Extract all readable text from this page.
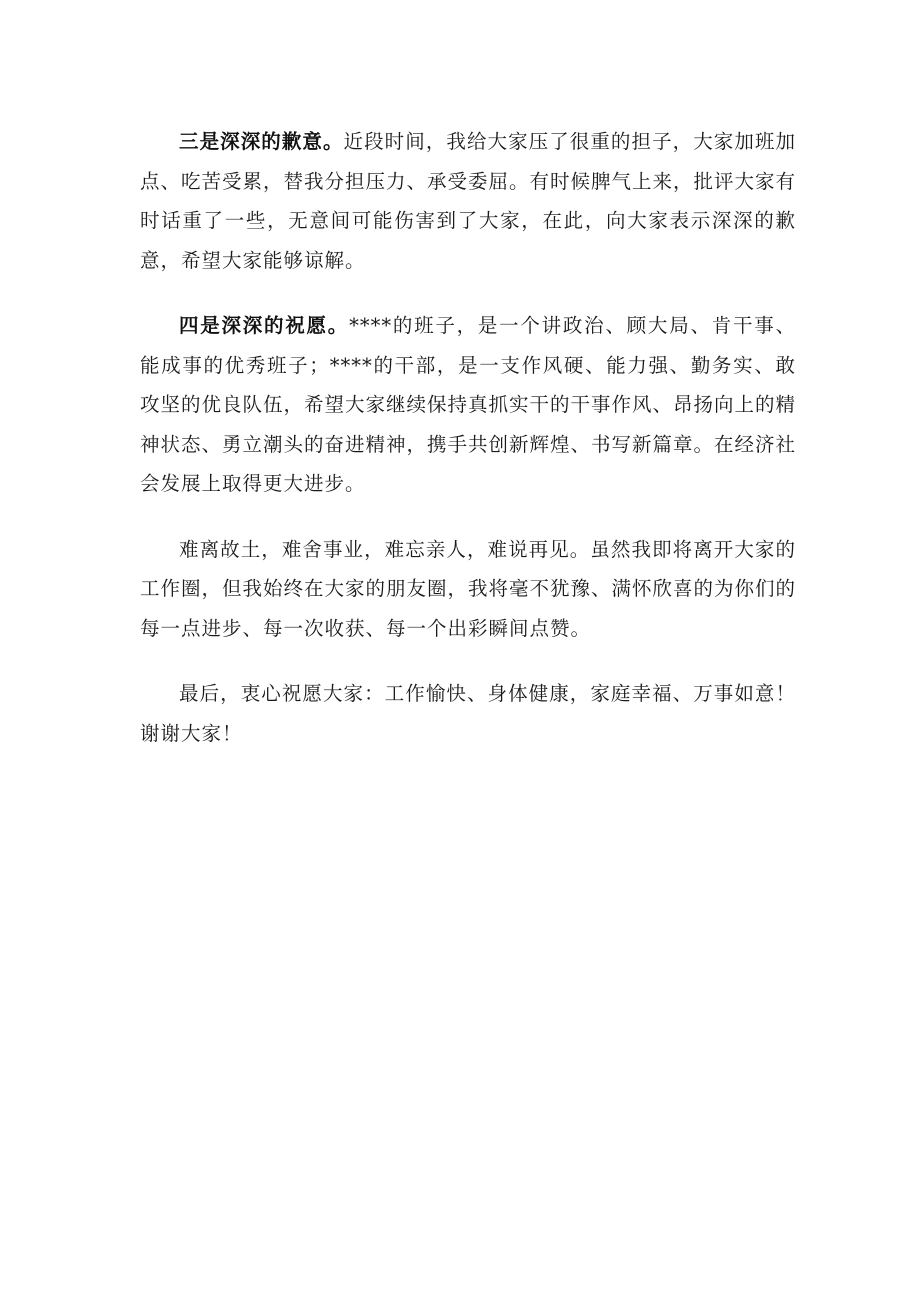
三是深深的歉意。近段时间，我给大家压了很重的担子，大家加班加点、吃苦受累，替我分担压力、承受委屈。有时候脾气上来，批评大家有时话重了一些，无意间可能伤害到了大家，在此，向大家表示深深的歉意，希望大家能够谅解。

四是深深的祝愿。****的班子，是一个讲政治、顾大局、肯干事、能成事的优秀班子；****的干部，是一支作风硬、能力强、勤务实、敢攻坚的优良队伍，希望大家继续保持真抓实干的干事作风、昂扬向上的精神状态、勇立潮头的奋进精神，携手共创新辉煌、书写新篇章。在经济社会发展上取得更大进步。

难离故土，难舍事业，难忘亲人，难说再见。虽然我即将离开大家的工作圈，但我始终在大家的朋友圈，我将毫不犹豫、满怀欣喜的为你们的每一点进步、每一次收获、每一个出彩瞬间点赞。

最后，衷心祝愿大家：工作愉快、身体健康，家庭幸福、万事如意！谢谢大家！
